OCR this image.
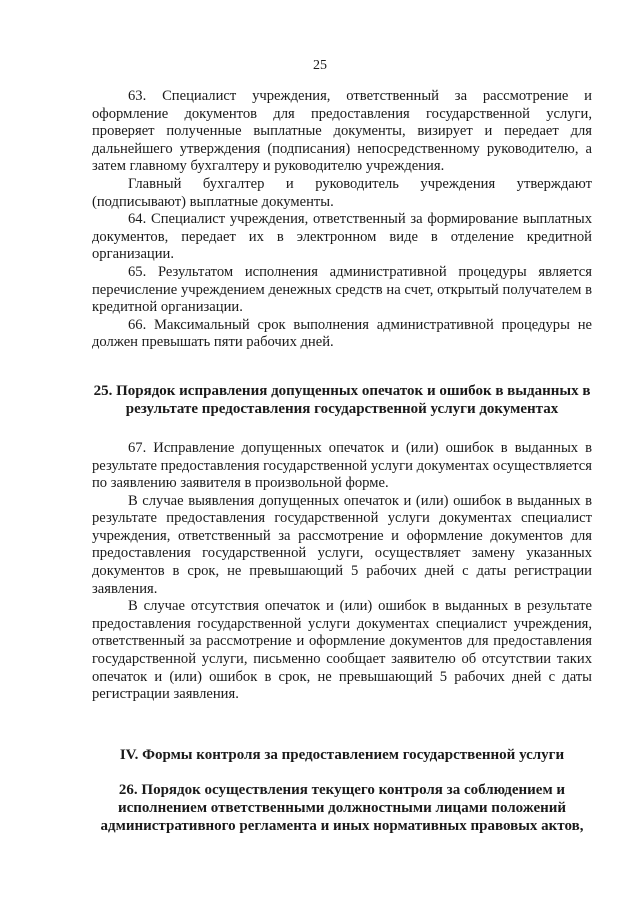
25

63. Специалист учреждения, ответственный за рассмотрение и оформление документов для предоставления государственной услуги, проверяет полученные выплатные документы, визирует и передает для дальнейшего утверждения (подписания) непосредственному руководителю, а затем главному бухгалтеру и руководителю учреждения.

Главный бухгалтер и руководитель учреждения утверждают (подписывают) выплатные документы.

64. Специалист учреждения, ответственный за формирование выплатных документов, передает их в электронном виде в отделение кредитной организации.

65. Результатом исполнения административной процедуры является перечисление учреждением денежных средств на счет, открытый получателем в кредитной организации.

66. Максимальный срок выполнения административной процедуры не должен превышать пяти рабочих дней.

25. Порядок исправления допущенных опечаток и ошибок в выданных в результате предоставления государственной услуги документах

67. Исправление допущенных опечаток и (или) ошибок в выданных в результате предоставления государственной услуги документах осуществляется по заявлению заявителя в произвольной форме.

В случае выявления допущенных опечаток и (или) ошибок в выданных в результате предоставления государственной услуги документах специалист учреждения, ответственный за рассмотрение и оформление документов для предоставления государственной услуги, осуществляет замену указанных документов в срок, не превышающий 5 рабочих дней с даты регистрации заявления.

В случае отсутствия опечаток и (или) ошибок в выданных в результате предоставления государственной услуги документах специалист учреждения, ответственный за рассмотрение и оформление документов для предоставления государственной услуги, письменно сообщает заявителю об отсутствии таких опечаток и (или) ошибок в срок, не превышающий 5 рабочих дней с даты регистрации заявления.

IV. Формы контроля за предоставлением государственной услуги
26. Порядок осуществления текущего контроля за соблюдением и исполнением ответственными должностными лицами положений административного регламента и иных нормативных правовых актов,
